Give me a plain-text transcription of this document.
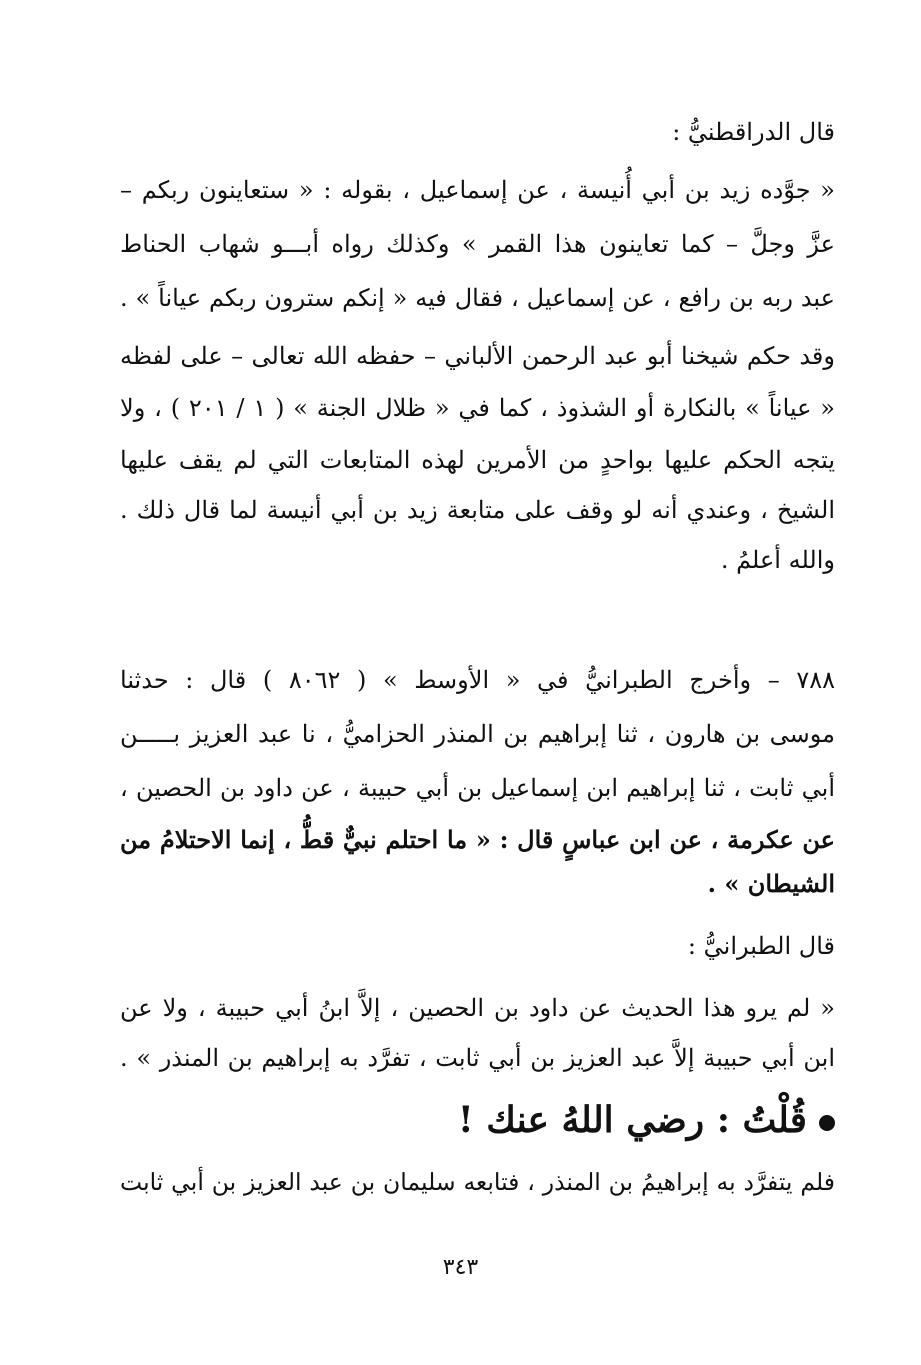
قال الدراقطنيُّ :
« جوَّده زيد بن أبي أُنيسة ، عن إسماعيل ، بقوله : « ستعاينون ربكم –
عزَّ وجلَّ – كما تعاينون هذا القمر » وكذلك رواه أبـــو شهاب الحناط
عبد ربه بن رافع ، عن إسماعيل ، فقال فيه « إنكم سترون ربكم عياناً » .
وقد حكم شيخنا أبو عبد الرحمن الألباني – حفظه الله تعالى – على لفظه
« عياناً » بالنكارة أو الشذوذ ، كما في « ظلال الجنة » ( ١ / ٢٠١ ) ، ولا
يتجه الحكم عليها بواحدٍ من الأمرين لهذه المتابعات التي لم يقف عليها
الشيخ ، وعندي أنه لو وقف على متابعة زيد بن أبي أنيسة لما قال ذلك .
والله أعلمُ .
٧٨٨ – وأخرج الطبرانيُّ في « الأوسط » ( ٨٠٦٢ ) قال : حدثنا
موسى بن هارون ، ثنا إبراهيم بن المنذر الحزاميُّ ، نا عبد العزيز بـــــن
أبي ثابت ، ثنا إبراهيم ابن إسماعيل بن أبي حبيبة ، عن داود بن الحصين ،
عن عكرمة ، عن ابن عباسٍ قال : « ما احتلم نبيٌّ قطُّ ، إنما الاحتلامُ من
الشيطان » .
قال الطبرانيُّ :
« لم يرو هذا الحديث عن داود بن الحصين ، إلاَّ ابنُ أبي حبيبة ، ولا عن
ابن أبي حبيبة إلاَّ عبد العزيز بن أبي ثابت ، تفرَّد به إبراهيم بن المنذر » .
قُلْتُ : رضي اللهُ عنك !
فلم يتفرَّد به إبراهيمُ بن المنذر ، فتابعه سليمان بن عبد العزيز بن أبي ثابت
٣٤٣
